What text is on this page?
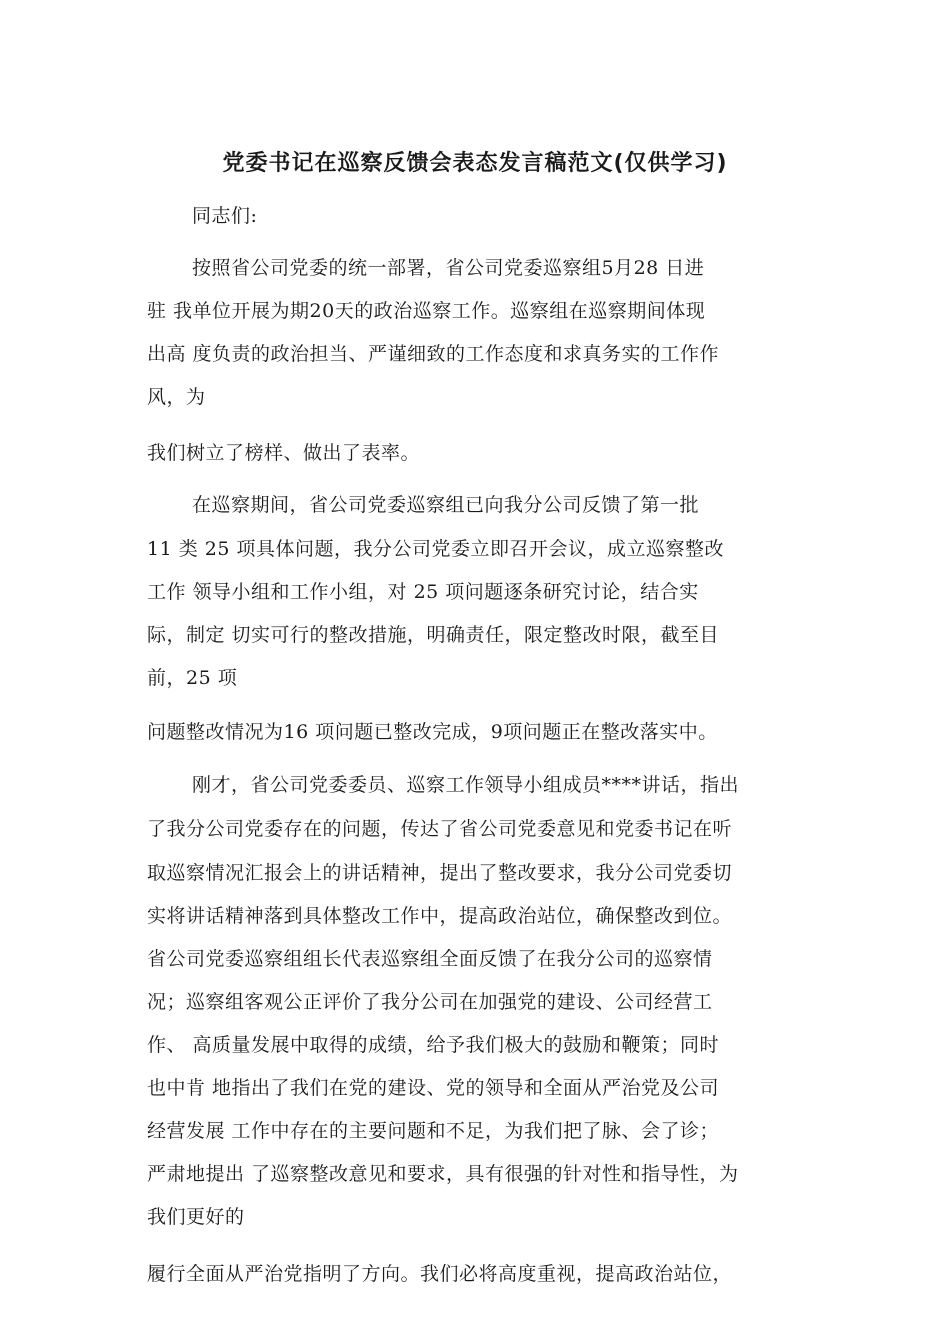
党委书记在巡察反馈会表态发言稿范文(仅供学习)
同志们:
按照省公司党委的统一部署，省公司党委巡察组5月28 日进
驻 我单位开展为期20天的政治巡察工作。巡察组在巡察期间体现
出高 度负责的政治担当、严谨细致的工作态度和求真务实的工作作
风，为
我们树立了榜样、做出了表率。
在巡察期间，省公司党委巡察组已向我分公司反馈了第一批
11 类 25 项具体问题，我分公司党委立即召开会议，成立巡察整改
工作 领导小组和工作小组，对 25 项问题逐条研究讨论，结合实
际，制定 切实可行的整改措施，明确责任，限定整改时限，截至目
前，25 项
问题整改情况为16 项问题已整改完成，9项问题正在整改落实中。
刚才，省公司党委委员、巡察工作领导小组成员****讲话，指出
了我分公司党委存在的问题，传达了省公司党委意见和党委书记在听
取巡察情况汇报会上的讲话精神，提出了整改要求，我分公司党委切
实将讲话精神落到具体整改工作中，提高政治站位，确保整改到位。
省公司党委巡察组组长代表巡察组全面反馈了在我分公司的巡察情
况；巡察组客观公正评价了我分公司在加强党的建设、公司经营工
作、 高质量发展中取得的成绩，给予我们极大的鼓励和鞭策；同时
也中肯 地指出了我们在党的建设、党的领导和全面从严治党及公司
经营发展 工作中存在的主要问题和不足，为我们把了脉、会了诊；
严肃地提出 了巡察整改意见和要求，具有很强的针对性和指导性，为
我们更好的
履行全面从严治党指明了方向。我们必将高度重视，提高政治站位，
